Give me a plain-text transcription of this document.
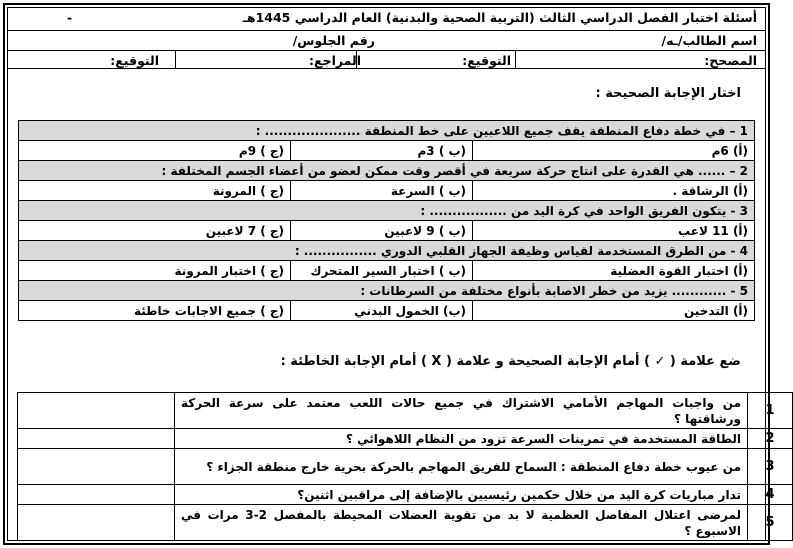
أسئلة اختبار الفصل الدراسي الثالث (التربية الصحية والبدنية) العام الدراسي 1445هـ
-
اسم الطالب/ـه/
رقم الجلوس/
المصحح:
التوقيع:
المراجع:
التوقيع:
اختار الإجابة الصحيحة :
1 – في خطة دفاع المنطقة يقف جميع اللاعبين على خط المنطقة ..................... :		
(أ) 6م	(ب ) 3م	(ج ) 9م
2 – ...... هي القدرة على انتاج حركة سريعة في أقصر وقت ممكن لعضو من أعضاء الجسم المختلفة :		
(أ) الرشاقة .	(ب ) السرعة	(ج ) المرونة
3 - يتكون الفريق الواحد في كرة اليد من ................. :		
(أ) 11 لاعب	(ب ) 9 لاعبين	(ج ) 7 لاعبين
4 - من الطرق المستخدمة لقياس وظيفة الجهاز القلبي الدوري ................ :		
(أ) اختبار القوة العضلية	(ب ) اختبار السير المتحرك	(ج ) اختبار المرونة
5 - ............ يزيد من خطر الاصابة بأنواع مختلفة من السرطانات :		
(أ) التدخين	(ب) الخمول البدني	(ج ) جميع الاجابات خاطئة
ضع علامة ( ✓ ) أمام الإجابة الصحيحة و علامة ( X ) أمام الإجابة الخاطئة :
1	من واجبات المهاجم الأمامي الاشتراك في جميع حالات اللعب معتمد على سرعة الحركة ورشاقتها ؟	
2	الطاقة المستخدمة في تمرينات السرعة تزود من النظام اللاهوائي ؟	
3	من عيوب خطة دفاع المنطقة : السماح للفريق المهاجم بالحركة بحرية خارج منطقة الجزاء ؟	
4	تدار مباريات كرة اليد من خلال حكمين رئيسيين بالإضافة إلى مراقبين اثنين؟	
5	لمرضى اعتلال المفاصل العظمية لا بد من تقوية العضلات المحيطة بالمفصل 2-3 مرات في الاسبوع ؟	
